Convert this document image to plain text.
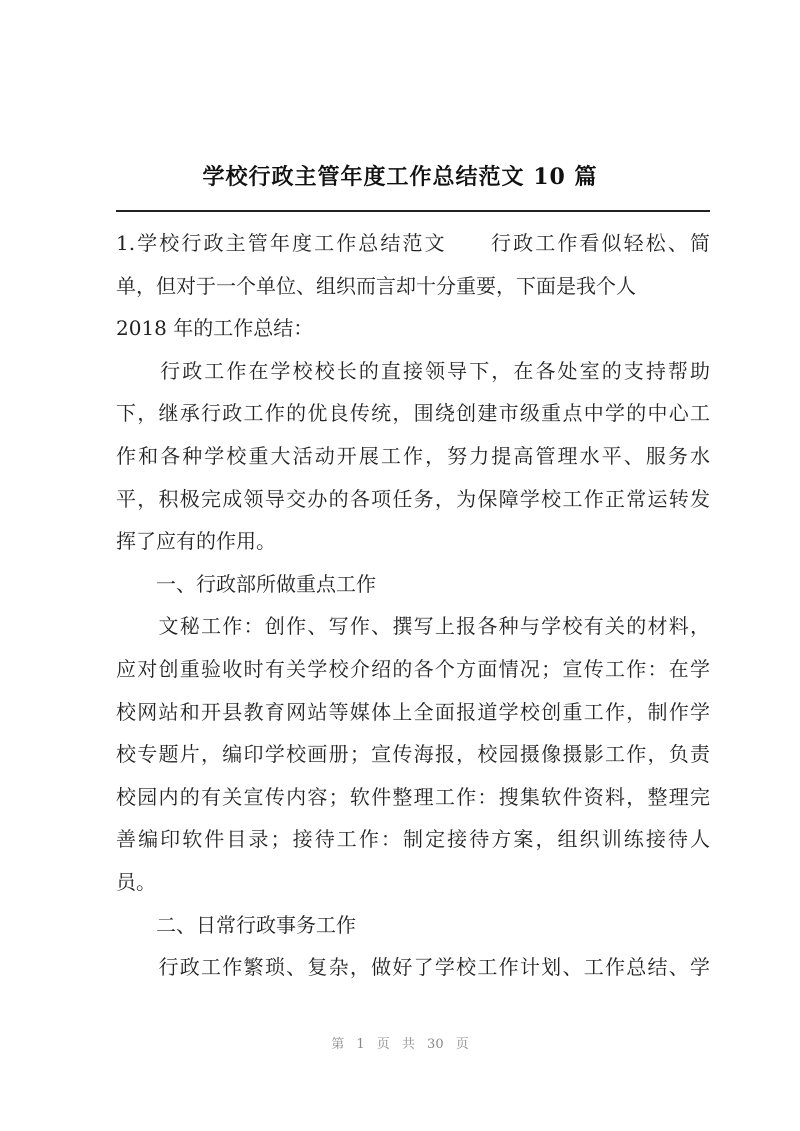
学校行政主管年度工作总结范文 10 篇
1.学校行政主管年度工作总结范文　　行政工作看似轻松、简
单，但对于一个单位、组织而言却十分重要，下面是我个人
2018 年的工作总结：
　　行政工作在学校校长的直接领导下，在各处室的支持帮助
下，继承行政工作的优良传统，围绕创建市级重点中学的中心工
作和各种学校重大活动开展工作，努力提高管理水平、服务水
平，积极完成领导交办的各项任务，为保障学校工作正常运转发
挥了应有的作用。
　　一、行政部所做重点工作
　　文秘工作：创作、写作、撰写上报各种与学校有关的材料，
应对创重验收时有关学校介绍的各个方面情况；宣传工作：在学
校网站和开县教育网站等媒体上全面报道学校创重工作，制作学
校专题片，编印学校画册；宣传海报，校园摄像摄影工作，负责
校园内的有关宣传内容；软件整理工作：搜集软件资料，整理完
善编印软件目录；接待工作：制定接待方案，组织训练接待人
员。
　　二、日常行政事务工作
　　行政工作繁琐、复杂，做好了学校工作计划、工作总结、学
第 1 页 共 30 页
